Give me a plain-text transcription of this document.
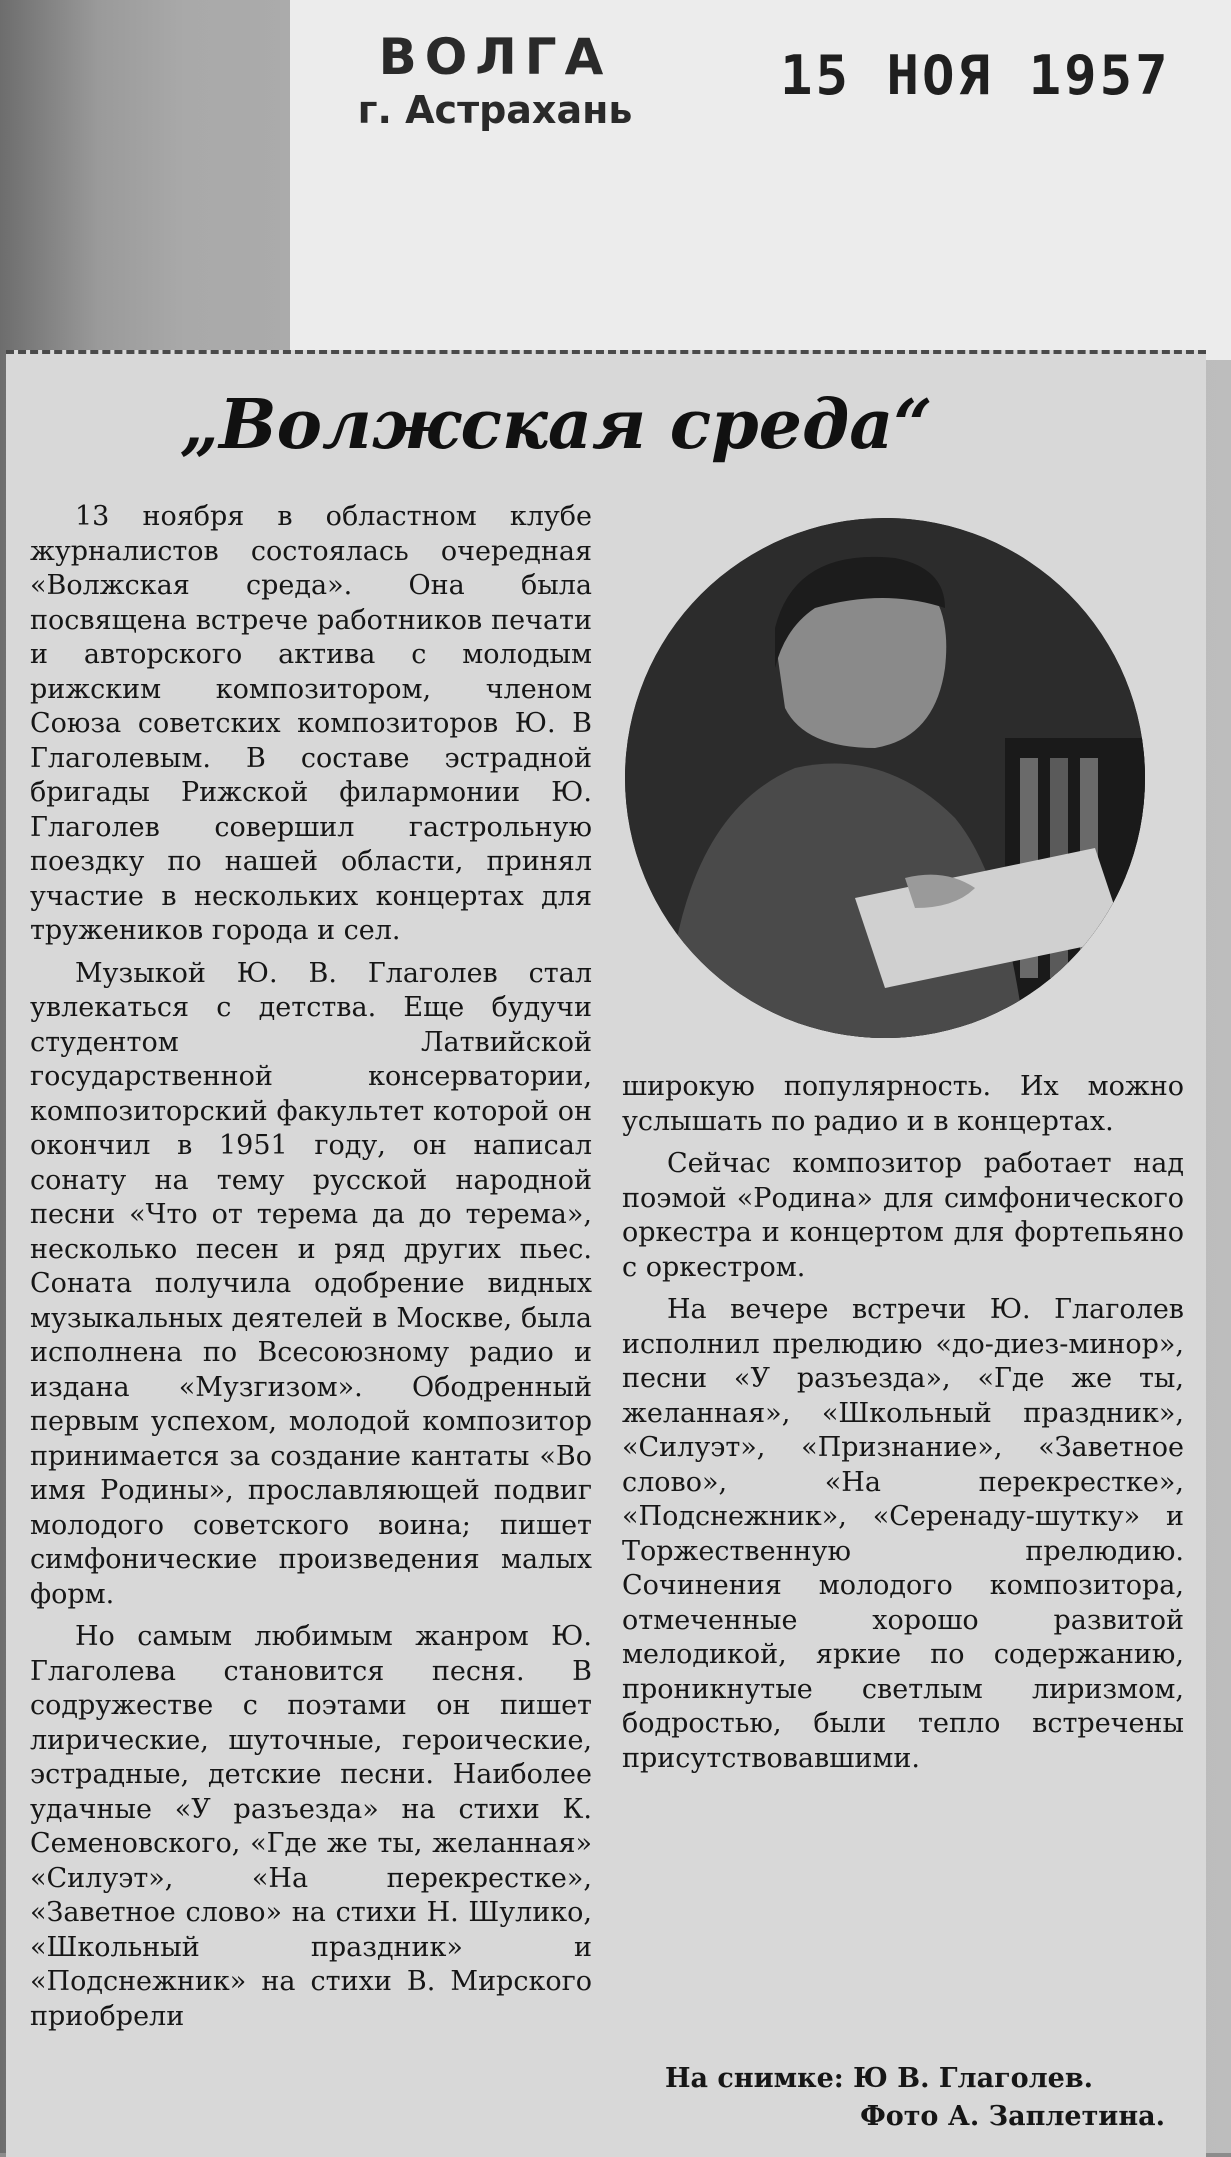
ВОЛГА
г. Астрахань
15 НОЯ 1957
„Волжская среда“

13 ноября в областном клубе журналистов состоялась очередная «Волжская среда». Она была посвящена встрече работников печати и авторского актива с молодым рижским композитором, членом Союза советских композиторов Ю. В Глаголевым. В составе эстрадной бригады Рижской филармонии Ю. Глаголев совершил гастрольную поездку по нашей области, принял участие в нескольких концертах для тружеников города и сел.

Музыкой Ю. В. Глаголев стал увлекаться с детства. Еще будучи студентом Латвийской государственной консерватории, композиторский факультет которой он окончил в 1951 году, он написал сонату на тему русской народной песни «Что от терема да до терема», несколько песен и ряд других пьес. Соната получила одобрение видных музыкальных деятелей в Москве, была исполнена по Всесоюзному радио и издана «Музгизом». Ободренный первым успехом, молодой композитор принимается за создание кантаты «Во имя Родины», прославляющей подвиг молодого советского воина; пишет симфонические произведения малых форм.

Но самым любимым жанром Ю. Глаголева становится песня. В содружестве с поэтами он пишет лирические, шуточные, героические, эстрадные, детские песни. Наиболее удачные «У разъезда» на стихи К. Семеновского, «Где же ты, желанная» «Силуэт», «На перекрестке», «Заветное слово» на стихи Н. Шулико, «Школьный праздник» и «Подснежник» на стихи В. Мирского приобрели

широкую популярность. Их можно услышать по радио и в концертах.

Сейчас композитор работает над поэмой «Родина» для симфонического оркестра и концертом для фортепьяно с оркестром.

На вечере встречи Ю. Глаголев исполнил прелюдию «до-диез-минор», песни «У разъезда», «Где же ты, желанная», «Школьный праздник», «Силуэт», «Признание», «Заветное слово», «На перекрестке», «Подснежник», «Серенаду-шутку» и Торжественную прелюдию. Сочинения молодого композитора, отмеченные хорошо развитой мелодикой, яркие по содержанию, проникнутые светлым лиризмом, бодростью, были тепло встречены присутствовавшими.

На снимке: Ю В. Глаголев.
Фото А. Заплетина.
